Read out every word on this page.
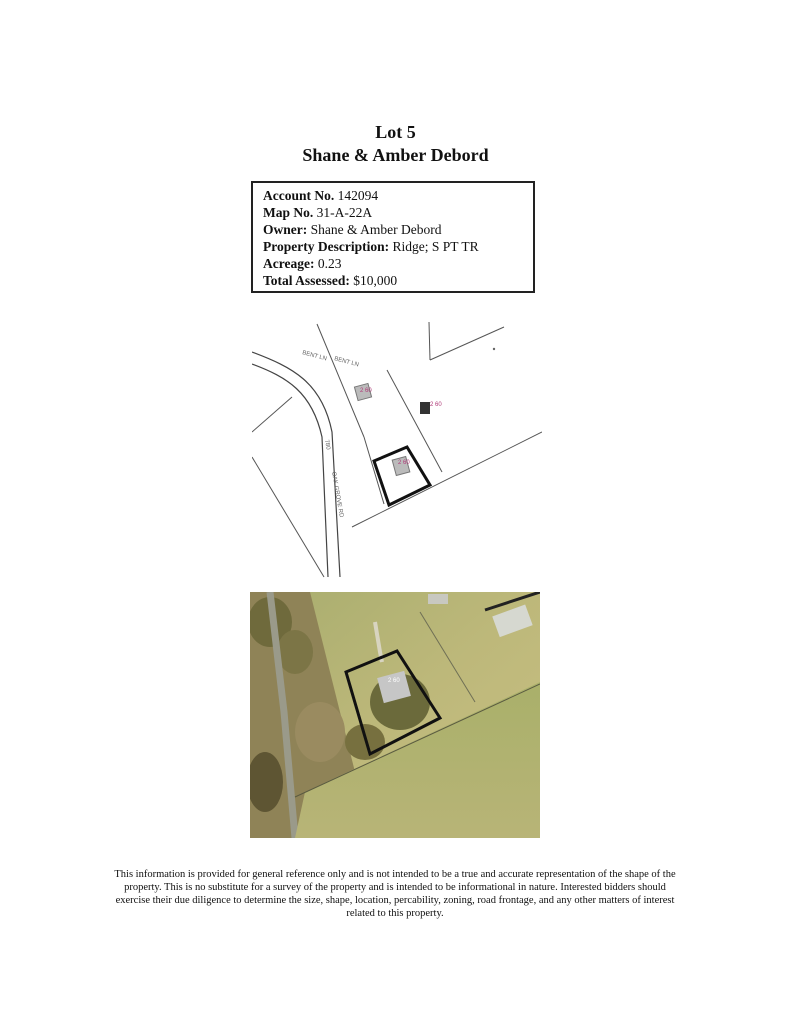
Lot 5
Shane & Amber Debord
Account No. 142094
Map No. 31-A-22A
Owner: Shane & Amber Debord
Property Description: Ridge; S PT TR
Acreage: 0.23
Total Assessed: $10,000
BENT LN BENT LN
780
OAK GROVE RD
2 60
2 60
2 60
2 60
This information is provided for general reference only and is not intended to be a true and accurate representation of the shape of the property. This is no substitute for a survey of the property and is intended to be informational in nature. Interested bidders should exercise their due diligence to determine the size, shape, location, percability, zoning, road frontage, and any other matters of interest related to this property.
